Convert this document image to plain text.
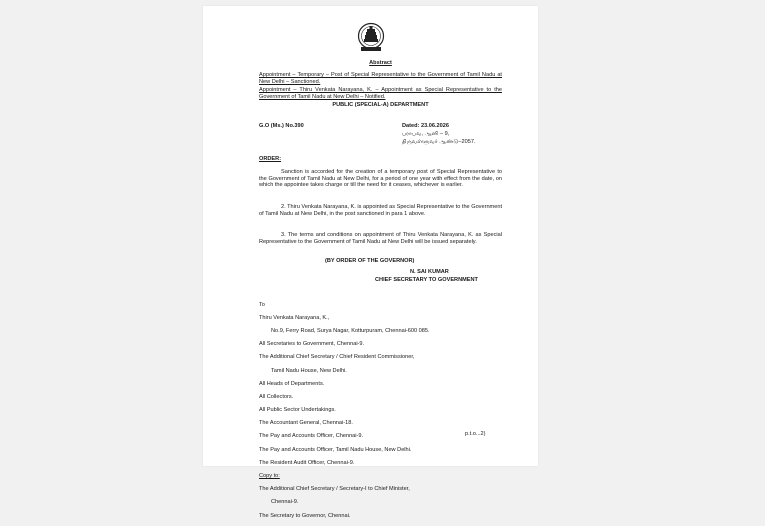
Abstract
Appointment – Temporary – Post of Special Representative to the Government of Tamil Nadu at New Delhi – Sanctioned.
Appointment – Thiru Venkata Narayana, K. – Appointment as Special Representative to the Government of Tamil Nadu at New Delhi – Notified.
PUBLIC (SPECIAL-A) DEPARTMENT
G.O (Ms.) No.390	Dated: 23.06.2026
பராபவ, ஆனி – 9,
திருவள்ளுவர் ஆண்டு–2057.
ORDER:
Sanction is accorded for the creation of a temporary post of Special Representative to the Government of Tamil Nadu at New Delhi, for a period of one year with effect from the date, on which the appointee takes charge or till the need for it ceases, whichever is earlier.
2. Thiru Venkata Narayana, K. is appointed as Special Representative to the Government of Tamil Nadu at New Delhi, in the post sanctioned in para 1 above.
3. The terms and conditions on appointment of Thiru Venkata Narayana, K. as Special Representative to the Government of Tamil Nadu at New Delhi will be issued separately.
(BY ORDER OF THE GOVERNOR)
N. SAI KUMAR
CHIEF SECRETARY TO GOVERNMENT

To

Thiru Venkata Narayana, K.,

No.9, Ferry Road, Surya Nagar, Kotturpuram, Chennai-600 085.

All Secretaries to Government, Chennai-9.

The Additional Chief Secretary / Chief Resident Commissioner,

Tamil Nadu House, New Delhi.

All Heads of Departments.

All Collectors.

All Public Sector Undertakings.

The Accountant General, Chennai-18.

The Pay and Accounts Officer, Chennai-9.

The Pay and Accounts Officer, Tamil Nadu House, New Delhi.

The Resident Audit Officer, Chennai-9.

Copy to:

The Additional Chief Secretary / Secretary-I to Chief Minister,

Chennai-9.

The Secretary to Governor, Chennai.

p.t.o...2)
